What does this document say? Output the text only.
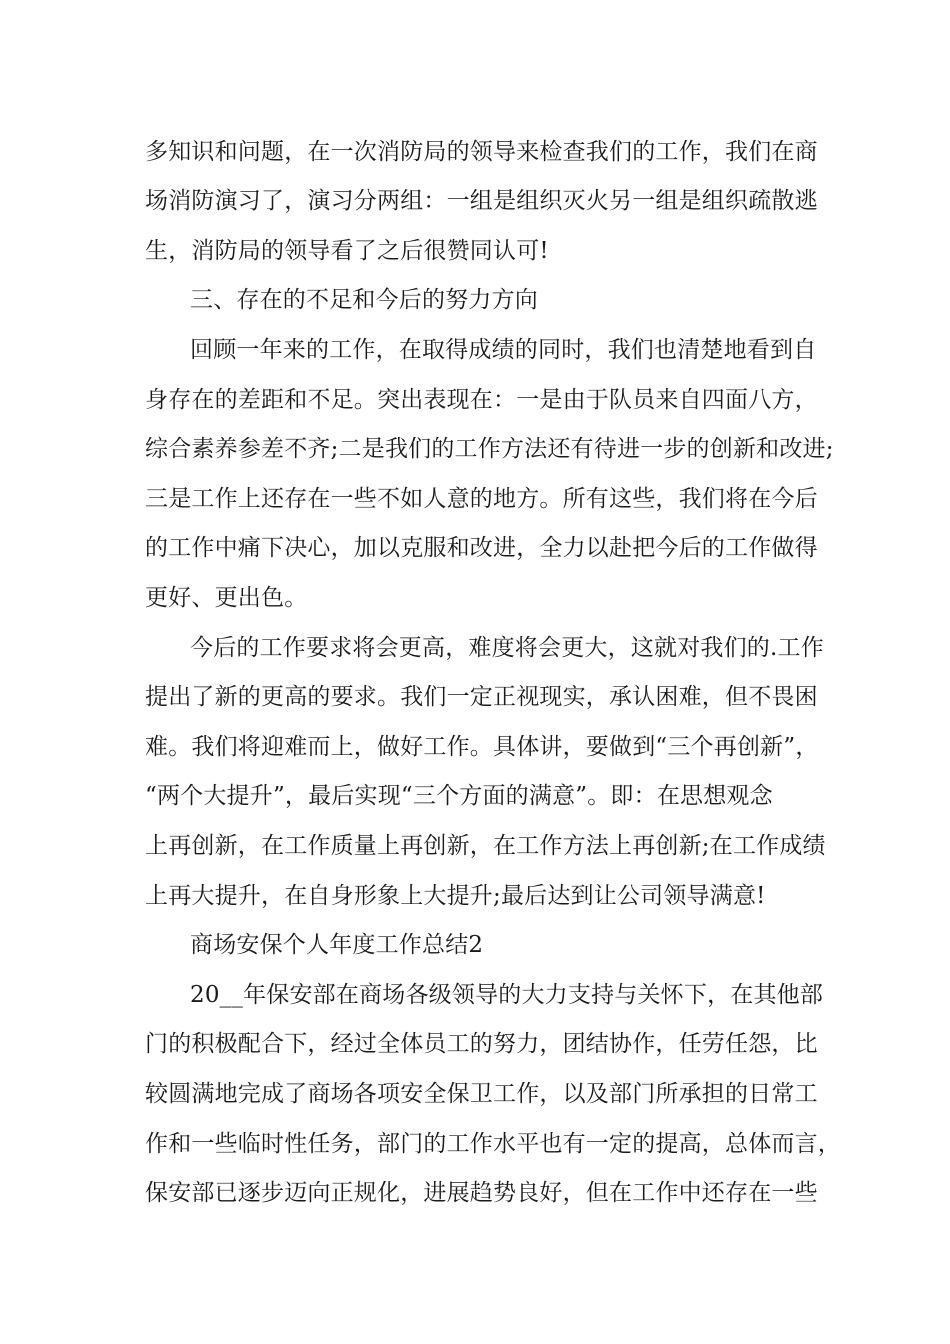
多知识和问题，在一次消防局的领导来检查我们的工作，我们在商
场消防演习了，演习分两组：一组是组织灭火另一组是组织疏散逃
生，消防局的领导看了之后很赞同认可!
三、存在的不足和今后的努力方向
回顾一年来的工作，在取得成绩的同时，我们也清楚地看到自
身存在的差距和不足。突出表现在：一是由于队员来自四面八方，
综合素养参差不齐;二是我们的工作方法还有待进一步的创新和改进;
三是工作上还存在一些不如人意的地方。所有这些，我们将在今后
的工作中痛下决心，加以克服和改进，全力以赴把今后的工作做得
更好、更出色。
今后的工作要求将会更高，难度将会更大，这就对我们的.工作
提出了新的更高的要求。我们一定正视现实，承认困难，但不畏困
难。我们将迎难而上，做好工作。具体讲，要做到“三个再创新”，
“两个大提升”，最后实现“三个方面的满意”。即：在思想观念
上再创新，在工作质量上再创新，在工作方法上再创新;在工作成绩
上再大提升，在自身形象上大提升;最后达到让公司领导满意!
商场安保个人年度工作总结2
20__年保安部在商场各级领导的大力支持与关怀下，在其他部
门的积极配合下，经过全体员工的努力，团结协作，任劳任怨，比
较圆满地完成了商场各项安全保卫工作，以及部门所承担的日常工
作和一些临时性任务，部门的工作水平也有一定的提高，总体而言，
保安部已逐步迈向正规化，进展趋势良好，但在工作中还存在一些
